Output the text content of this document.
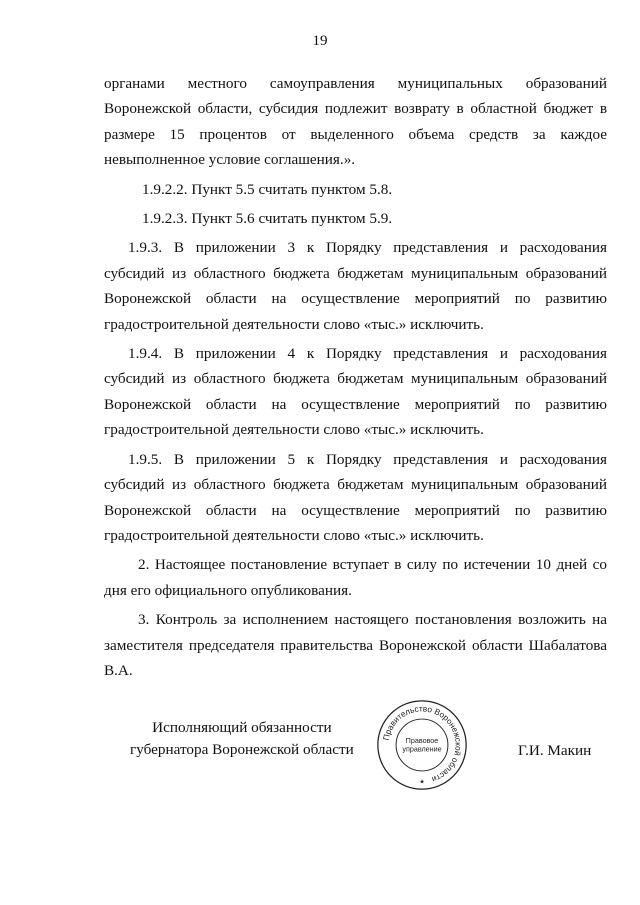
19

органами местного самоуправления муниципальных образований Воронежской области, субсидия подлежит возврату в областной бюджет в размере 15 процентов от выделенного объема средств за каждое невыполненное условие соглашения.».

1.9.2.2. Пункт 5.5 считать пунктом 5.8.

1.9.2.3. Пункт 5.6 считать пунктом 5.9.

1.9.3. В приложении 3 к Порядку представления и расходования субсидий из областного бюджета бюджетам муниципальным образований Воронежской области на осуществление мероприятий по развитию градостроительной деятельности слово «тыс.» исключить.

1.9.4. В приложении 4 к Порядку представления и расходования субсидий из областного бюджета бюджетам муниципальным образований Воронежской области на осуществление мероприятий по развитию градостроительной деятельности слово «тыс.» исключить.

1.9.5. В приложении 5 к Порядку представления и расходования субсидий из областного бюджета бюджетам муниципальным образований Воронежской области на осуществление мероприятий по развитию градостроительной деятельности слово «тыс.» исключить.

2. Настоящее постановление вступает в силу по истечении 10 дней со дня его официального опубликования.

3. Контроль за исполнением настоящего постановления возложить на заместителя председателя правительства Воронежской области Шабалатова В.А.

Исполняющий обязанности
губернатора Воронежской области
Правительство Воронежской области
Правовое
управление
★
Г.И. Макин
